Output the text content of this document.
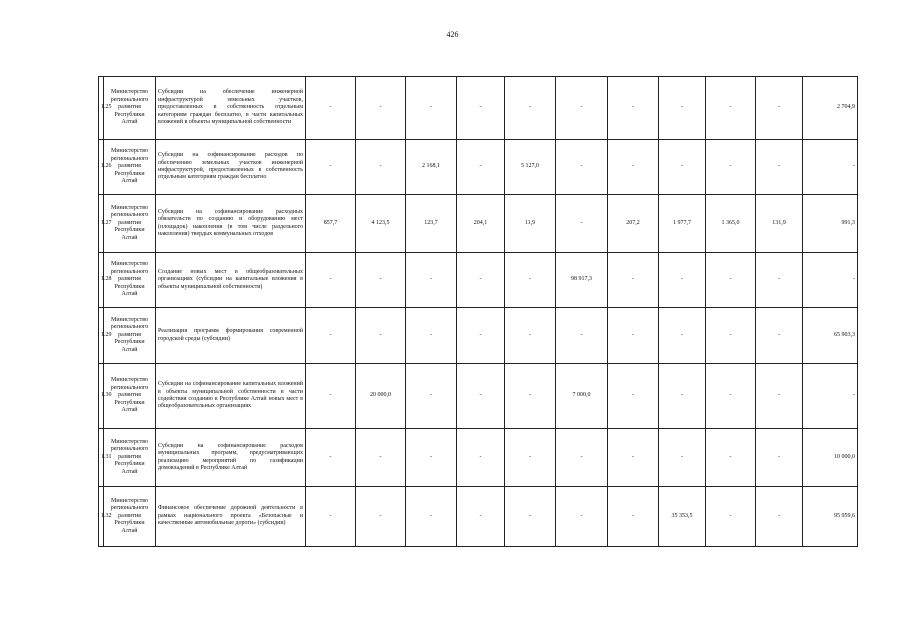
426
1.25	Министерство регионального развития Республики Алтай	Субсидии на обеспечение инженерной инфраструктурой земельных участков, предоставленных в собственность отдельным категориям граждан бесплатно, в части капитальных вложений в объекты муниципальной собственности	-	-	-	-	-	-	-	-	-	-	2 704,9
1.26	Министерство регионального развития Республики Алтай	Субсидии на софинансирование расходов по обеспечению земельных участков инженерной инфраструктурой, предоставленных в собственность отдельным категориям граждан бесплатно	-	-	2 168,1	-	5 127,0	-	-	-	-	-	-
1.27	Министерство регионального развития Республики Алтай	Субсидии на софинансирование расходных обязательств по созданию и оборудованию мест (площадок) накопления (в том числе раздельного накопления) твердых коммунальных отходов	857,7	4 123,5	123,7	204,1	11,9	-	207,2	1 977,7	1 365,0	131,9	991,3
1.28	Министерство регионального развития Республики Алтай	Создание новых мест в общеобразовательных организациях (субсидии на капитальные вложения в объекты муниципальной собственности)	-	-	-	-	-	98 917,3	-	-	-	-	-
1.29	Министерство регионального развития Республики Алтай	Реализация программ формирования современной городской среды (субсидии)	-	-	-	-	-	-	-	-	-	-	65 903,3
1.30	Министерство регионального развития Республики Алтай	Субсидии на софинансирование капитальных вложений в объекты муниципальной собственности в части содействия созданию в Республике Алтай новых мест в общеобразовательных организациях	-	20 000,0	-	-	-	7 000,0	-	-	-	-	-
1.31	Министерство регионального развития Республики Алтай	Субсидии на софинансирование расходов муниципальных программ, предусматривающих реализацию мероприятий по газификации домовладений в Республике Алтай	-	-	-	-	-	-	-	-	-	-	10 000,0
1.32	Министерство регионального развития Республики Алтай	Финансовое обеспечение дорожной деятельности в рамках национального проекта «Безопасные и качественные автомобильные дороги» (субсидии)	-	-	-	-	-	-	-	35 353,5	-	-	95 959,6
